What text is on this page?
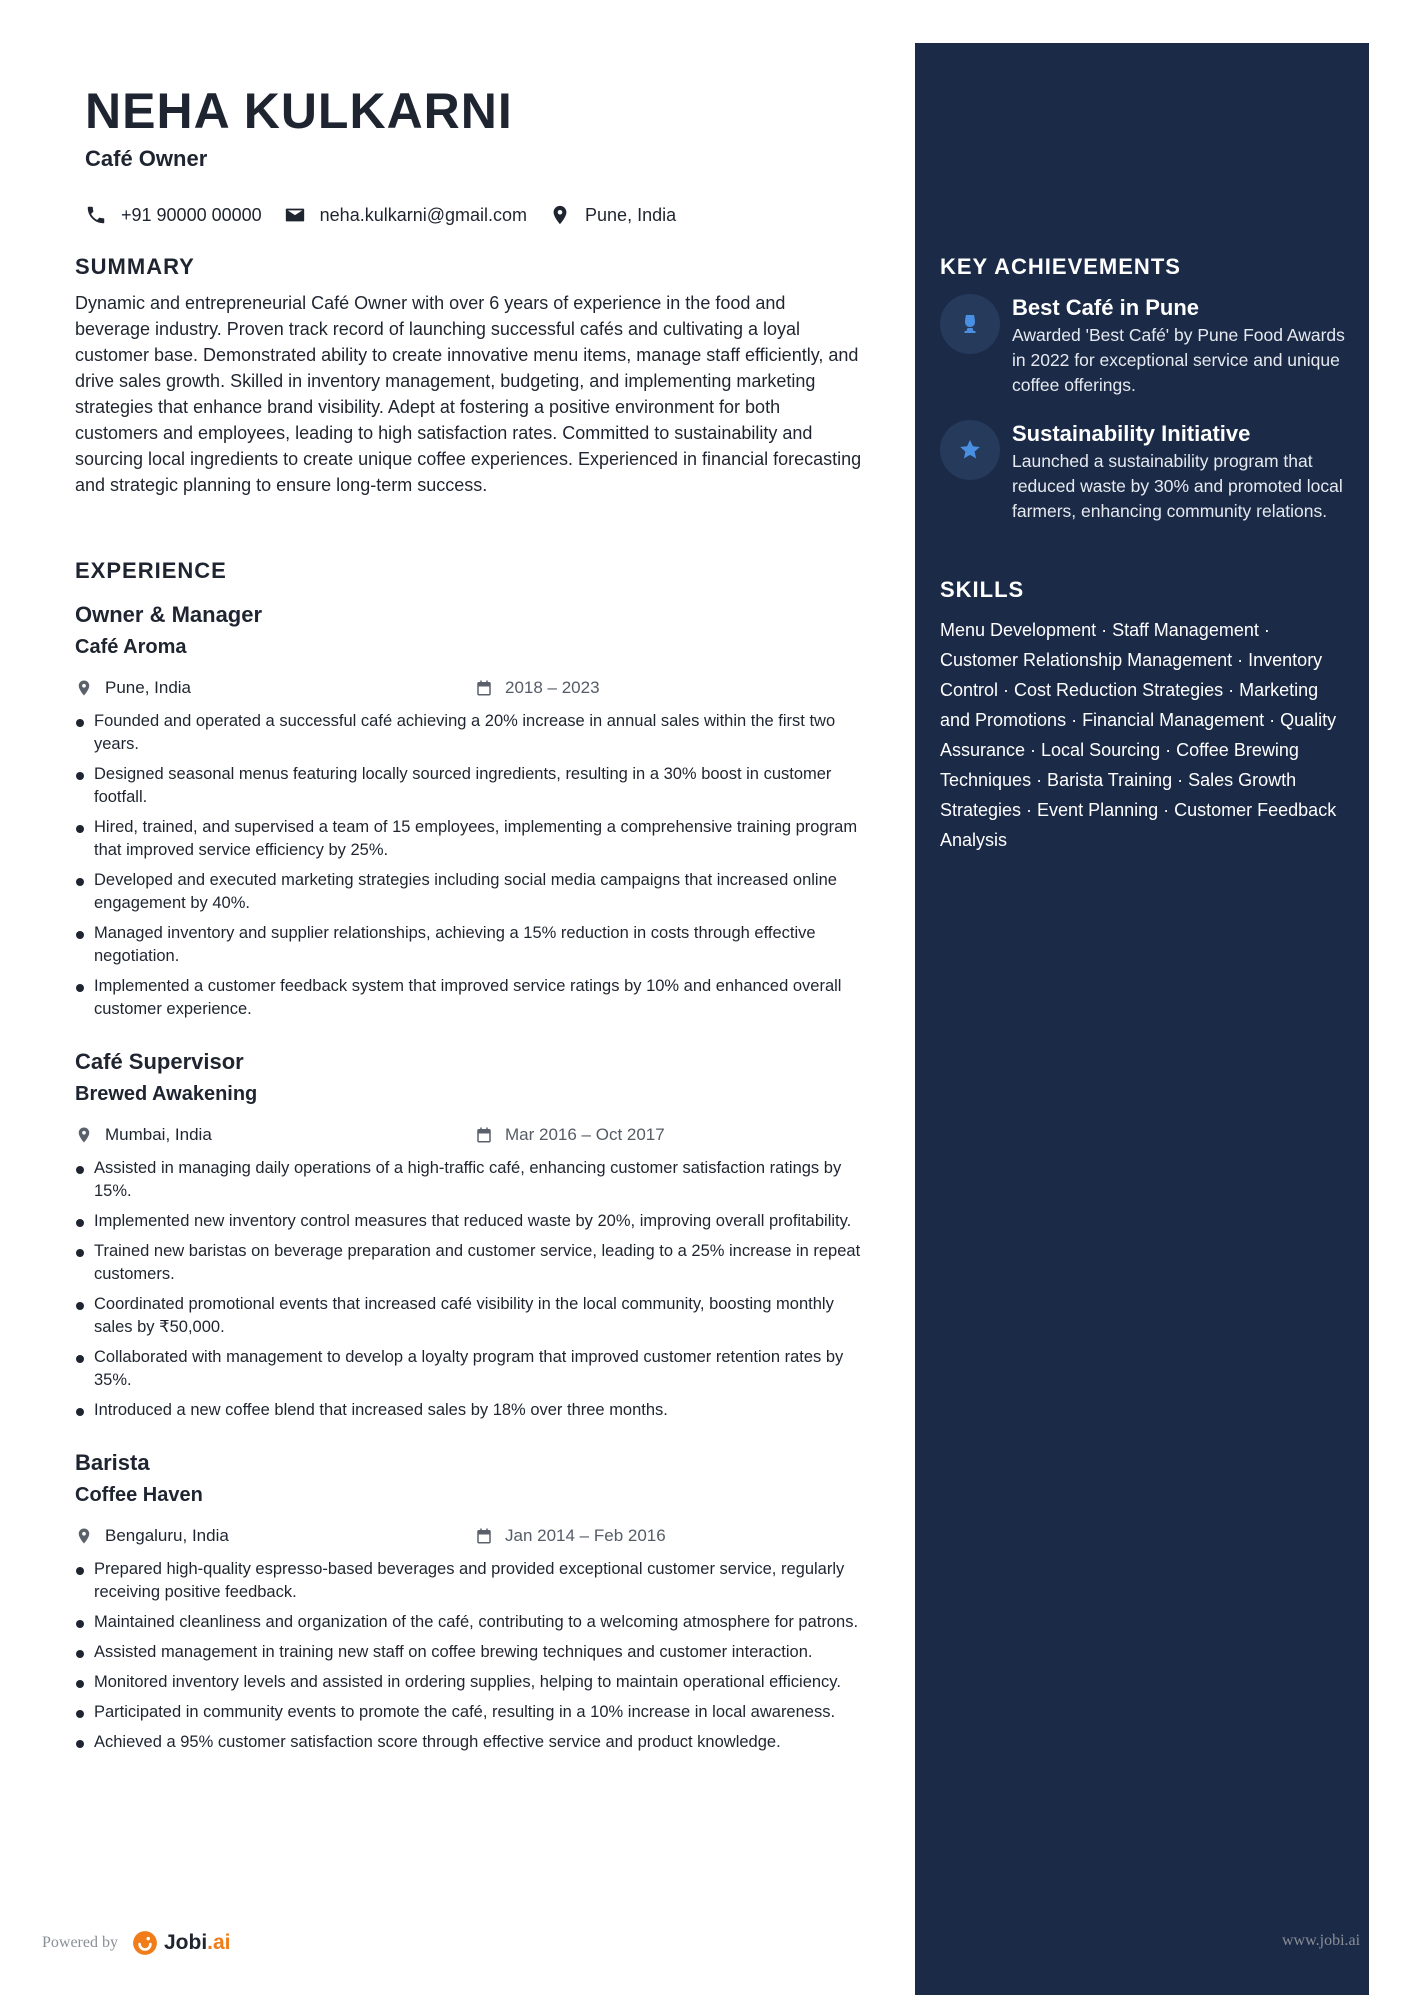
NEHA KULKARNI
Café Owner
+91 90000 00000	neha.kulkarni@gmail.com	Pune, India
SUMMARY

Dynamic and entrepreneurial Café Owner with over 6 years of experience in the food and beverage industry. Proven track record of launching successful cafés and cultivating a loyal customer base. Demonstrated ability to create innovative menu items, manage staff efficiently, and drive sales growth. Skilled in inventory management, budgeting, and implementing marketing strategies that enhance brand visibility. Adept at fostering a positive environment for both customers and employees, leading to high satisfaction rates. Committed to sustainability and sourcing local ingredients to create unique coffee experiences. Experienced in financial forecasting and strategic planning to ensure long-term success.

EXPERIENCE
Owner & Manager
Café Aroma
Pune, India	2018 – 2023
Founded and operated a successful café achieving a 20% increase in annual sales within the first two years.
Designed seasonal menus featuring locally sourced ingredients, resulting in a 30% boost in customer footfall.
Hired, trained, and supervised a team of 15 employees, implementing a comprehensive training program that improved service efficiency by 25%.
Developed and executed marketing strategies including social media campaigns that increased online engagement by 40%.
Managed inventory and supplier relationships, achieving a 15% reduction in costs through effective negotiation.
Implemented a customer feedback system that improved service ratings by 10% and enhanced overall customer experience.
Café Supervisor
Brewed Awakening
Mumbai, India	Mar 2016 – Oct 2017
Assisted in managing daily operations of a high-traffic café, enhancing customer satisfaction ratings by 15%.
Implemented new inventory control measures that reduced waste by 20%, improving overall profitability.
Trained new baristas on beverage preparation and customer service, leading to a 25% increase in repeat customers.
Coordinated promotional events that increased café visibility in the local community, boosting monthly sales by ₹50,000.
Collaborated with management to develop a loyalty program that improved customer retention rates by 35%.
Introduced a new coffee blend that increased sales by 18% over three months.
Barista
Coffee Haven
Bengaluru, India	Jan 2014 – Feb 2016
Prepared high-quality espresso-based beverages and provided exceptional customer service, regularly receiving positive feedback.
Maintained cleanliness and organization of the café, contributing to a welcoming atmosphere for patrons.
Assisted management in training new staff on coffee brewing techniques and customer interaction.
Monitored inventory levels and assisted in ordering supplies, helping to maintain operational efficiency.
Participated in community events to promote the café, resulting in a 10% increase in local awareness.
Achieved a 95% customer satisfaction score through effective service and product knowledge.
KEY ACHIEVEMENTS
Best Café in Pune
Awarded 'Best Café' by Pune Food Awards in 2022 for exceptional service and unique coffee offerings.
Sustainability Initiative
Launched a sustainability program that reduced waste by 30% and promoted local farmers, enhancing community relations.
SKILLS

Menu Development · Staff Management · Customer Relationship Management · Inventory Control · Cost Reduction Strategies · Marketing and Promotions · Financial Management · Quality Assurance · Local Sourcing · Coffee Brewing Techniques · Barista Training · Sales Growth Strategies · Event Planning · Customer Feedback Analysis

Powered by Jobi.ai	www.jobi.ai
